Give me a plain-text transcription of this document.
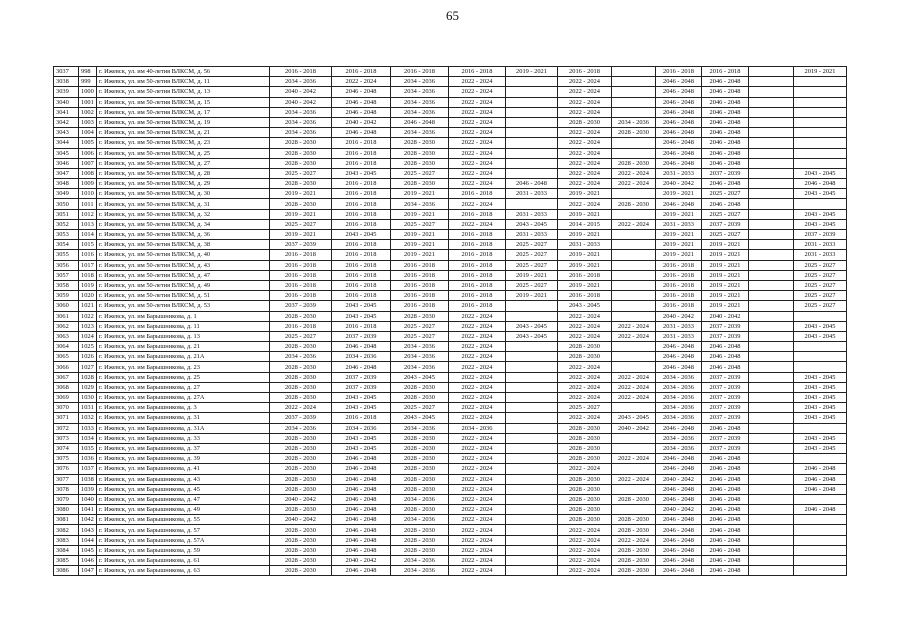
65
3037	998	г. Ижевск, ул. им 40-летия ВЛКСМ, д. 56	2016 - 2018	2016 - 2018	2016 - 2018	2016 - 2018	2019 - 2021	2016 - 2018		2016 - 2018	2016 - 2018		2019 - 2021
3038	999	г. Ижевск, ул. им 50-летия ВЛКСМ, д. 11	2034 - 2036	2022 - 2024	2034 - 2036	2022 - 2024		2022 - 2024		2046 - 2048	2046 - 2048		
3039	1000	г. Ижевск, ул. им 50-летия ВЛКСМ, д. 13	2040 - 2042	2046 - 2048	2034 - 2036	2022 - 2024		2022 - 2024		2046 - 2048	2046 - 2048		
3040	1001	г. Ижевск, ул. им 50-летия ВЛКСМ, д. 15	2040 - 2042	2046 - 2048	2034 - 2036	2022 - 2024		2022 - 2024		2046 - 2048	2046 - 2048		
3041	1002	г. Ижевск, ул. им 50-летия ВЛКСМ, д. 17	2034 - 2036	2046 - 2048	2034 - 2036	2022 - 2024		2022 - 2024		2046 - 2048	2046 - 2048		
3042	1003	г. Ижевск, ул. им 50-летия ВЛКСМ, д. 19	2034 - 2036	2040 - 2042	2046 - 2048	2022 - 2024		2028 - 2030	2034 - 2036	2046 - 2048	2046 - 2048		
3043	1004	г. Ижевск, ул. им 50-летия ВЛКСМ, д. 21	2034 - 2036	2046 - 2048	2034 - 2036	2022 - 2024		2022 - 2024	2028 - 2030	2046 - 2048	2046 - 2048		
3044	1005	г. Ижевск, ул. им 50-летия ВЛКСМ, д. 23	2028 - 2030	2016 - 2018	2028 - 2030	2022 - 2024		2022 - 2024		2046 - 2048	2046 - 2048		
3045	1006	г. Ижевск, ул. им 50-летия ВЛКСМ, д. 25	2028 - 2030	2016 - 2018	2028 - 2030	2022 - 2024		2022 - 2024		2046 - 2048	2046 - 2048		
3046	1007	г. Ижевск, ул. им 50-летия ВЛКСМ, д. 27	2028 - 2030	2016 - 2018	2028 - 2030	2022 - 2024		2022 - 2024	2028 - 2030	2046 - 2048	2046 - 2048		
3047	1008	г. Ижевск, ул. им 50-летия ВЛКСМ, д. 28	2025 - 2027	2043 - 2045	2025 - 2027	2022 - 2024		2022 - 2024	2022 - 2024	2031 - 2033	2037 - 2039		2043 - 2045
3048	1009	г. Ижевск, ул. им 50-летия ВЛКСМ, д. 29	2028 - 2030	2016 - 2018	2028 - 2030	2022 - 2024	2046 - 2048	2022 - 2024	2022 - 2024	2040 - 2042	2046 - 2048		2046 - 2048
3049	1010	г. Ижевск, ул. им 50-летия ВЛКСМ, д. 30	2019 - 2021	2016 - 2018	2019 - 2021	2016 - 2018	2031 - 2033	2019 - 2021		2019 - 2021	2025 - 2027		2043 - 2045
3050	1011	г. Ижевск, ул. им 50-летия ВЛКСМ, д. 31	2028 - 2030	2016 - 2018	2034 - 2036	2022 - 2024		2022 - 2024	2028 - 2030	2046 - 2048	2046 - 2048		
3051	1012	г. Ижевск, ул. им 50-летия ВЛКСМ, д. 32	2019 - 2021	2016 - 2018	2019 - 2021	2016 - 2018	2031 - 2033	2019 - 2021		2019 - 2021	2025 - 2027		2043 - 2045
3052	1013	г. Ижевск, ул. им 50-летия ВЛКСМ, д. 34	2025 - 2027	2016 - 2018	2025 - 2027	2022 - 2024	2043 - 2045	2014 - 2015	2022 - 2024	2031 - 2033	2037 - 2039		2043 - 2045
3053	1014	г. Ижевск, ул. им 50-летия ВЛКСМ, д. 36	2019 - 2021	2043 - 2045	2019 - 2021	2016 - 2018	2031 - 2033	2019 - 2021		2019 - 2021	2025 - 2027		2037 - 2039
3054	1015	г. Ижевск, ул. им 50-летия ВЛКСМ, д. 38	2037 - 2039	2016 - 2018	2019 - 2021	2016 - 2018	2025 - 2027	2031 - 2033		2019 - 2021	2019 - 2021		2031 - 2033
3055	1016	г. Ижевск, ул. им 50-летия ВЛКСМ, д. 40	2016 - 2018	2016 - 2018	2019 - 2021	2016 - 2018	2025 - 2027	2019 - 2021		2019 - 2021	2019 - 2021		2031 - 2033
3056	1017	г. Ижевск, ул. им 50-летия ВЛКСМ, д. 43	2016 - 2018	2016 - 2018	2016 - 2018	2016 - 2018	2025 - 2027	2019 - 2021		2016 - 2018	2019 - 2021		2025 - 2027
3057	1018	г. Ижевск, ул. им 50-летия ВЛКСМ, д. 47	2016 - 2018	2016 - 2018	2016 - 2018	2016 - 2018	2019 - 2021	2016 - 2018		2016 - 2018	2019 - 2021		2025 - 2027
3058	1019	г. Ижевск, ул. им 50-летия ВЛКСМ, д. 49	2016 - 2018	2016 - 2018	2016 - 2018	2016 - 2018	2025 - 2027	2019 - 2021		2016 - 2018	2019 - 2021		2025 - 2027
3059	1020	г. Ижевск, ул. им 50-летия ВЛКСМ, д. 51	2016 - 2018	2016 - 2018	2016 - 2018	2016 - 2018	2019 - 2021	2016 - 2018		2016 - 2018	2019 - 2021		2025 - 2027
3060	1021	г. Ижевск, ул. им 50-летия ВЛКСМ, д. 53	2037 - 2039	2043 - 2045	2016 - 2018	2016 - 2018		2043 - 2045		2016 - 2018	2019 - 2021		2025 - 2027
3061	1022	г. Ижевск, ул. им Барышникова, д. 1	2028 - 2030	2043 - 2045	2028 - 2030	2022 - 2024		2022 - 2024		2040 - 2042	2040 - 2042		
3062	1023	г. Ижевск, ул. им Барышникова, д. 11	2016 - 2018	2016 - 2018	2025 - 2027	2022 - 2024	2043 - 2045	2022 - 2024	2022 - 2024	2031 - 2033	2037 - 2039		2043 - 2045
3063	1024	г. Ижевск, ул. им Барышникова, д. 13	2025 - 2027	2037 - 2039	2025 - 2027	2022 - 2024	2043 - 2045	2022 - 2024	2022 - 2024	2031 - 2033	2037 - 2039		2043 - 2045
3064	1025	г. Ижевск, ул. им Барышникова, д. 21	2028 - 2030	2046 - 2048	2034 - 2036	2022 - 2024		2028 - 2030		2046 - 2048	2046 - 2048		
3065	1026	г. Ижевск, ул. им Барышникова, д. 21А	2034 - 2036	2034 - 2036	2034 - 2036	2022 - 2024		2028 - 2030		2046 - 2048	2046 - 2048		
3066	1027	г. Ижевск, ул. им Барышникова, д. 23	2028 - 2030	2046 - 2048	2034 - 2036	2022 - 2024		2022 - 2024		2046 - 2048	2046 - 2048		
3067	1028	г. Ижевск, ул. им Барышникова, д. 25	2028 - 2030	2037 - 2039	2043 - 2045	2022 - 2024		2022 - 2024	2022 - 2024	2034 - 2036	2037 - 2039		2043 - 2045
3068	1029	г. Ижевск, ул. им Барышникова, д. 27	2028 - 2030	2037 - 2039	2028 - 2030	2022 - 2024		2022 - 2024	2022 - 2024	2034 - 2036	2037 - 2039		2043 - 2045
3069	1030	г. Ижевск, ул. им Барышникова, д. 27А	2028 - 2030	2043 - 2045	2028 - 2030	2022 - 2024		2022 - 2024	2022 - 2024	2034 - 2036	2037 - 2039		2043 - 2045
3070	1031	г. Ижевск, ул. им Барышникова, д. 3	2022 - 2024	2043 - 2045	2025 - 2027	2022 - 2024		2025 - 2027		2034 - 2036	2037 - 2039		2043 - 2045
3071	1032	г. Ижевск, ул. им Барышникова, д. 31	2037 - 2039	2016 - 2018	2043 - 2045	2022 - 2024		2022 - 2024	2043 - 2045	2034 - 2036	2037 - 2039		2043 - 2045
3072	1033	г. Ижевск, ул. им Барышникова, д. 31А	2034 - 2036	2034 - 2036	2034 - 2036	2034 - 2036		2028 - 2030	2040 - 2042	2046 - 2048	2046 - 2048		
3073	1034	г. Ижевск, ул. им Барышникова, д. 33	2028 - 2030	2043 - 2045	2028 - 2030	2022 - 2024		2028 - 2030		2034 - 2036	2037 - 2039		2043 - 2045
3074	1035	г. Ижевск, ул. им Барышникова, д. 37	2028 - 2030	2043 - 2045	2028 - 2030	2022 - 2024		2028 - 2030		2034 - 2036	2037 - 2039		2043 - 2045
3075	1036	г. Ижевск, ул. им Барышникова, д. 39	2028 - 2030	2046 - 2048	2028 - 2030	2022 - 2024		2028 - 2030	2022 - 2024	2046 - 2048	2046 - 2048		
3076	1037	г. Ижевск, ул. им Барышникова, д. 41	2028 - 2030	2046 - 2048	2028 - 2030	2022 - 2024		2022 - 2024		2046 - 2048	2046 - 2048		2046 - 2048
3077	1038	г. Ижевск, ул. им Барышникова, д. 43	2028 - 2030	2046 - 2048	2028 - 2030	2022 - 2024		2028 - 2030	2022 - 2024	2040 - 2042	2046 - 2048		2046 - 2048
3078	1039	г. Ижевск, ул. им Барышникова, д. 45	2028 - 2030	2046 - 2048	2028 - 2030	2022 - 2024		2028 - 2030		2046 - 2048	2046 - 2048		2046 - 2048
3079	1040	г. Ижевск, ул. им Барышникова, д. 47	2040 - 2042	2046 - 2048	2034 - 2036	2022 - 2024		2028 - 2030	2028 - 2030	2046 - 2048	2046 - 2048		
3080	1041	г. Ижевск, ул. им Барышникова, д. 49	2028 - 2030	2046 - 2048	2028 - 2030	2022 - 2024		2028 - 2030		2040 - 2042	2046 - 2048		2046 - 2048
3081	1042	г. Ижевск, ул. им Барышникова, д. 55	2040 - 2042	2046 - 2048	2034 - 2036	2022 - 2024		2028 - 2030	2028 - 2030	2046 - 2048	2046 - 2048		
3082	1043	г. Ижевск, ул. им Барышникова, д. 57	2028 - 2030	2046 - 2048	2028 - 2030	2022 - 2024		2022 - 2024	2028 - 2030	2046 - 2048	2046 - 2048		
3083	1044	г. Ижевск, ул. им Барышникова, д. 57А	2028 - 2030	2046 - 2048	2028 - 2030	2022 - 2024		2022 - 2024	2022 - 2024	2046 - 2048	2046 - 2048		
3084	1045	г. Ижевск, ул. им Барышникова, д. 59	2028 - 2030	2046 - 2048	2028 - 2030	2022 - 2024		2022 - 2024	2028 - 2030	2046 - 2048	2046 - 2048		
3085	1046	г. Ижевск, ул. им Барышникова, д. 61	2028 - 2030	2040 - 2042	2034 - 2036	2022 - 2024		2022 - 2024	2028 - 2030	2046 - 2048	2046 - 2048		
3086	1047	г. Ижевск, ул. им Барышникова, д. 63	2028 - 2030	2046 - 2048	2034 - 2036	2022 - 2024		2022 - 2024	2028 - 2030	2046 - 2048	2046 - 2048		
